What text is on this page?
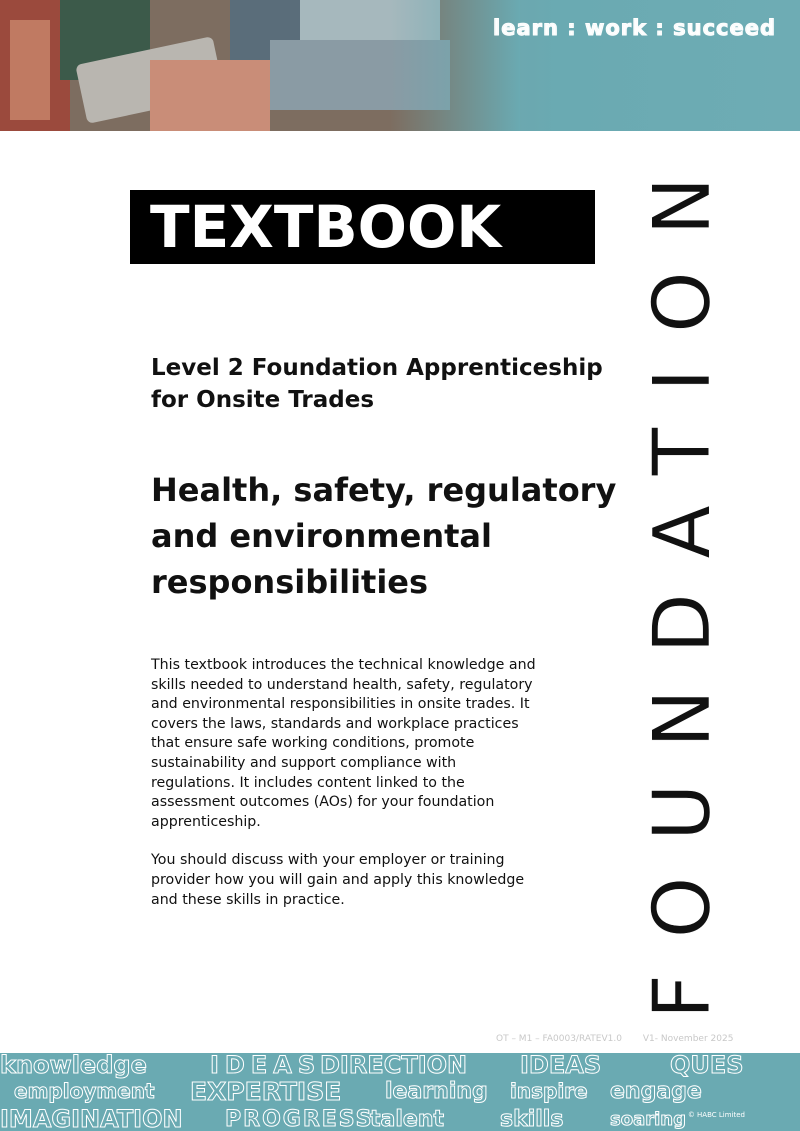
learn : work : succeed
TEXTBOOK
Level 2 Foundation Apprenticeship
for Onsite Trades
Health, safety, regulatory
and environmental
responsibilities

This textbook introduces the technical knowledge and skills needed to understand health, safety, regulatory and environmental responsibilities in onsite trades. It covers the laws, standards and workplace practices that ensure safe working conditions, promote sustainability and support compliance with regulations. It includes content linked to the assessment outcomes (AOs) for your foundation apprenticeship.

You should discuss with your employer or training provider how you will gain and apply this knowledge and these skills in practice.	FOUNDATION
OT – M1 – FA0003/RATEV1.0 V1- November 2025
knowledge	IDEAS
DIRECTION IDEAS	QUES
employment EXPERTISE learning inspire engage
IMAGINATION PROGRESS
talent	skills	soaring © HABC Limited
